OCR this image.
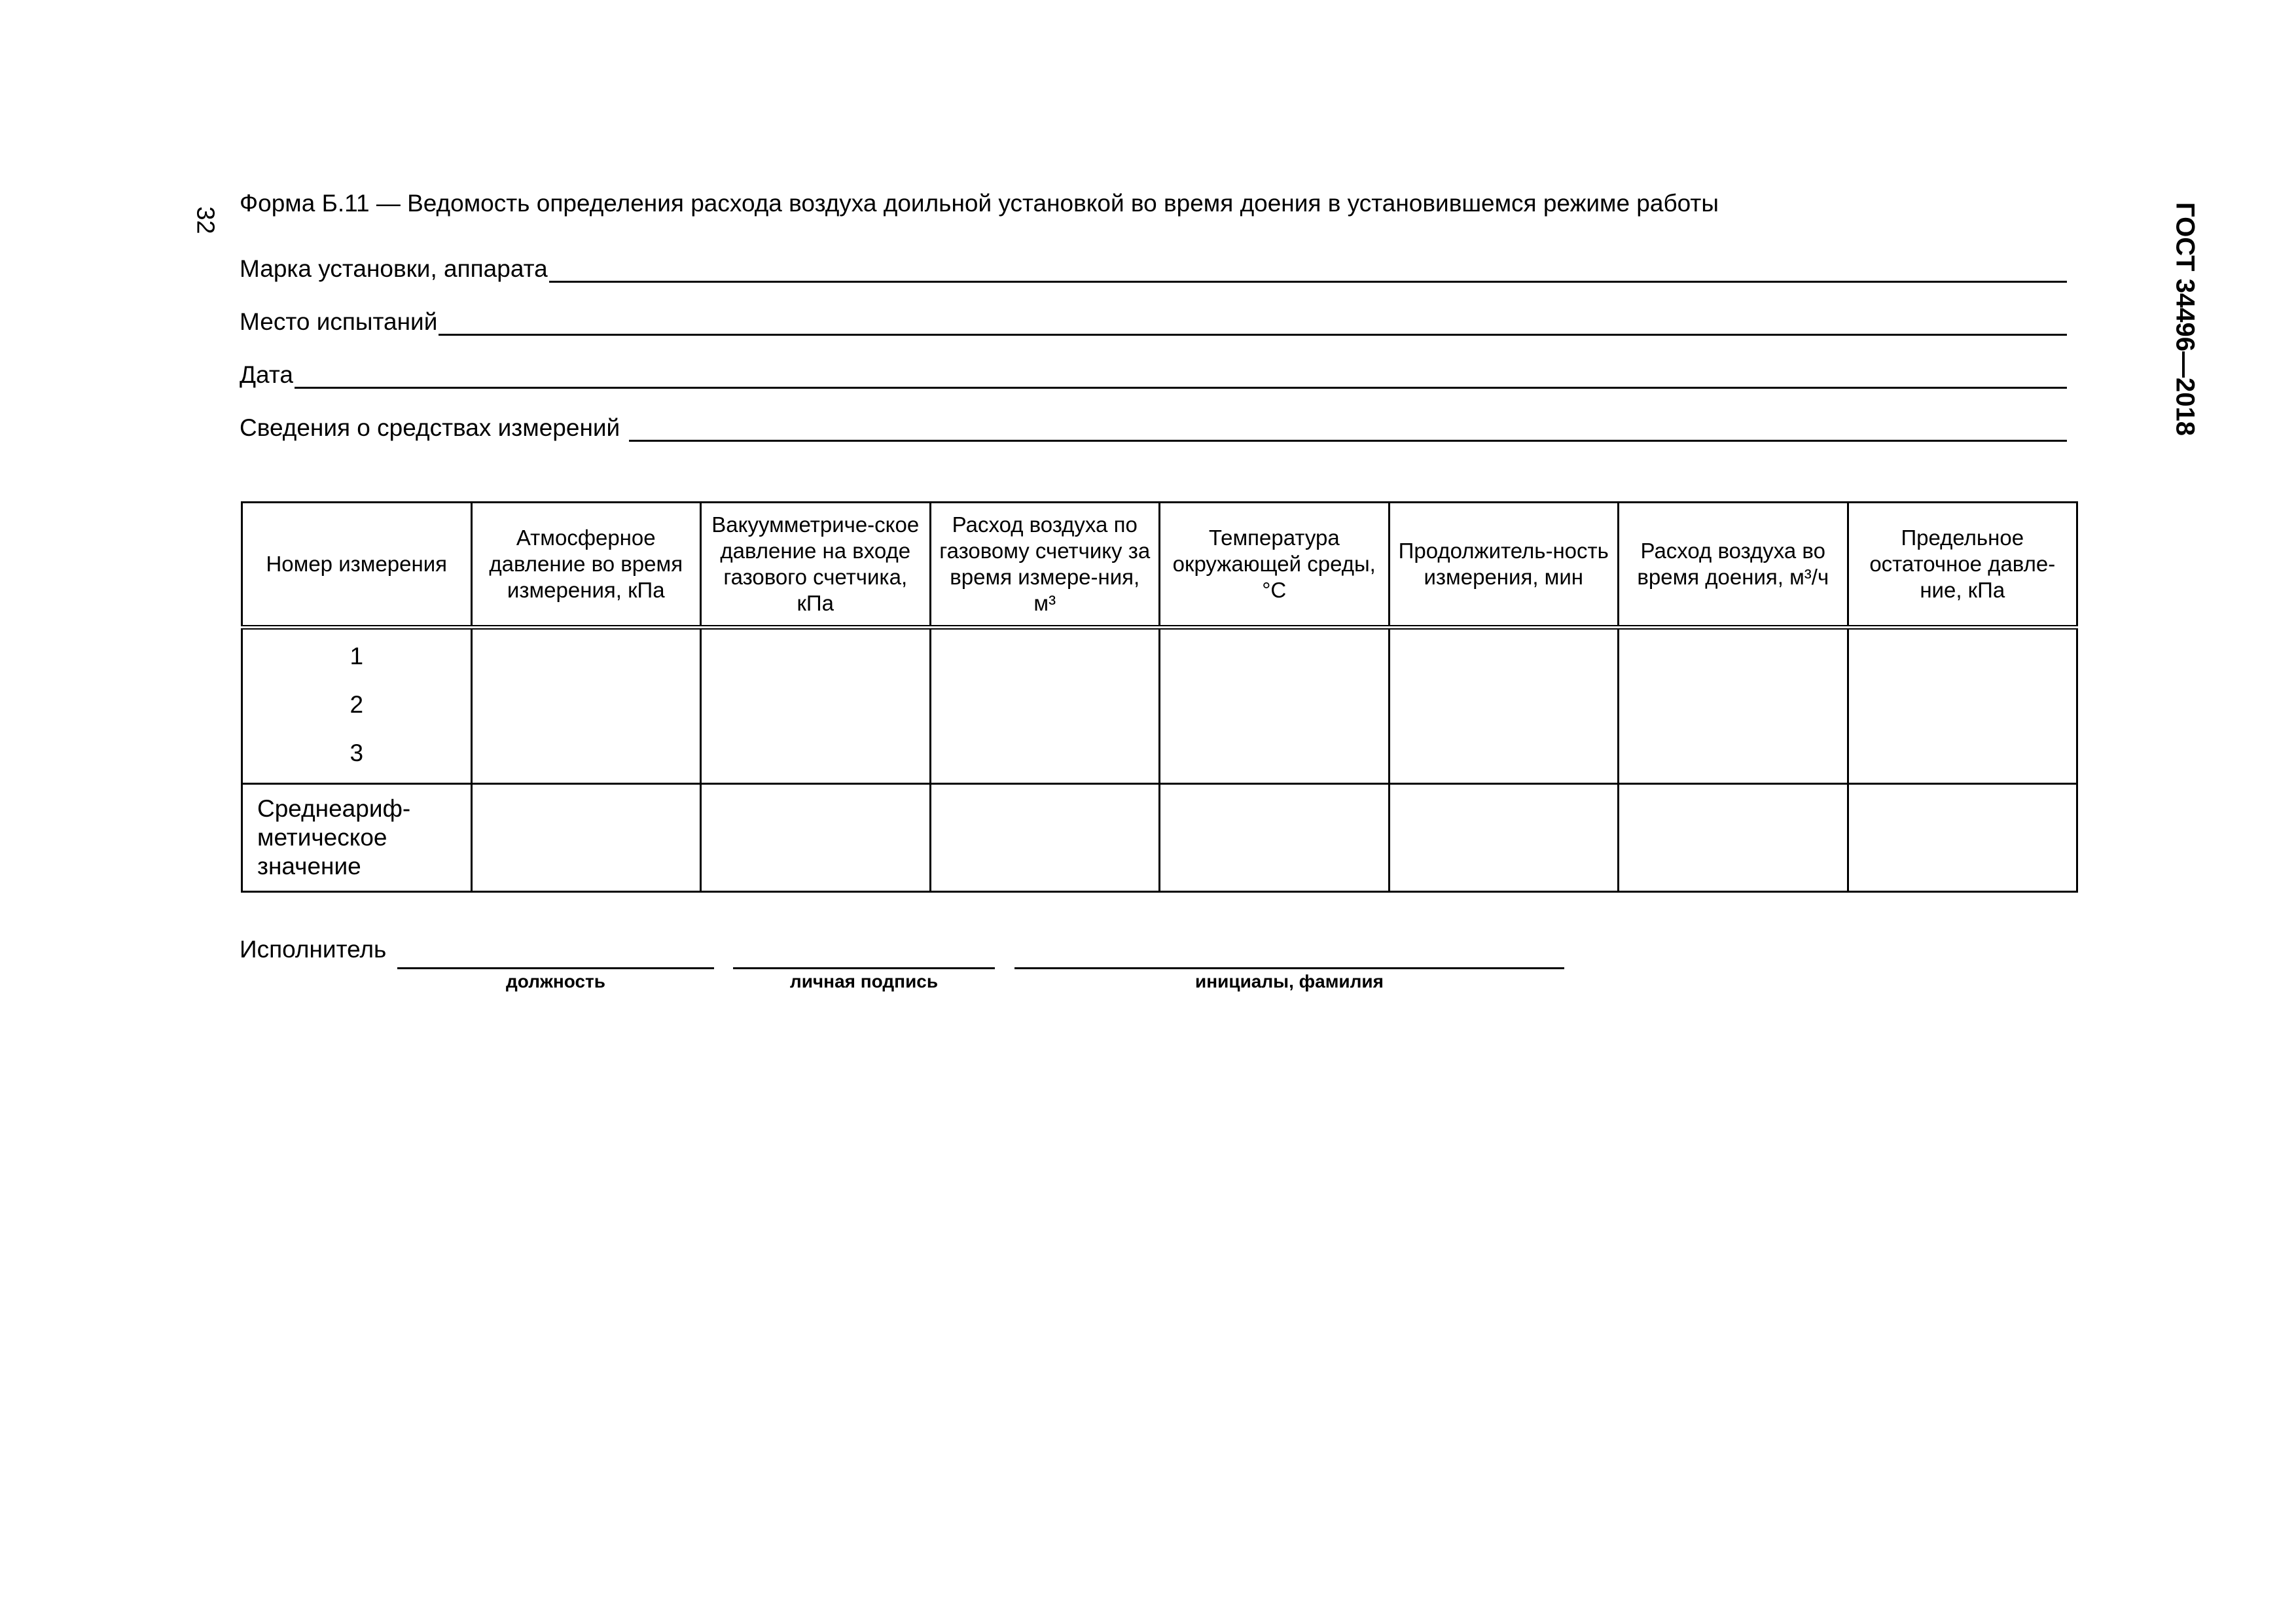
32	ГОСТ 34496—2018
Форма Б.11 — Ведомость определения расхода воздуха доильной установкой во время доения в установившемся режиме работы
Марка установки, аппарата
Место испытаний
Дата
Сведения о средствах измерений
Номер измерения	Атмосферное давление во время измерения, кПа	Вакуумметриче-ское давление на входе газового счетчика, кПа	Расход воздуха по газовому счетчику за время измере-ния, м³	Температура окружающей среды, °С	Продолжитель-ность измерения, мин	Расход воздуха во время доения, м³/ч	Предельное остаточное давле-ние, кПа

1
2
3							

Среднеариф-метическое значение							
Исполнитель
должность	личная подпись	инициалы, фамилия
